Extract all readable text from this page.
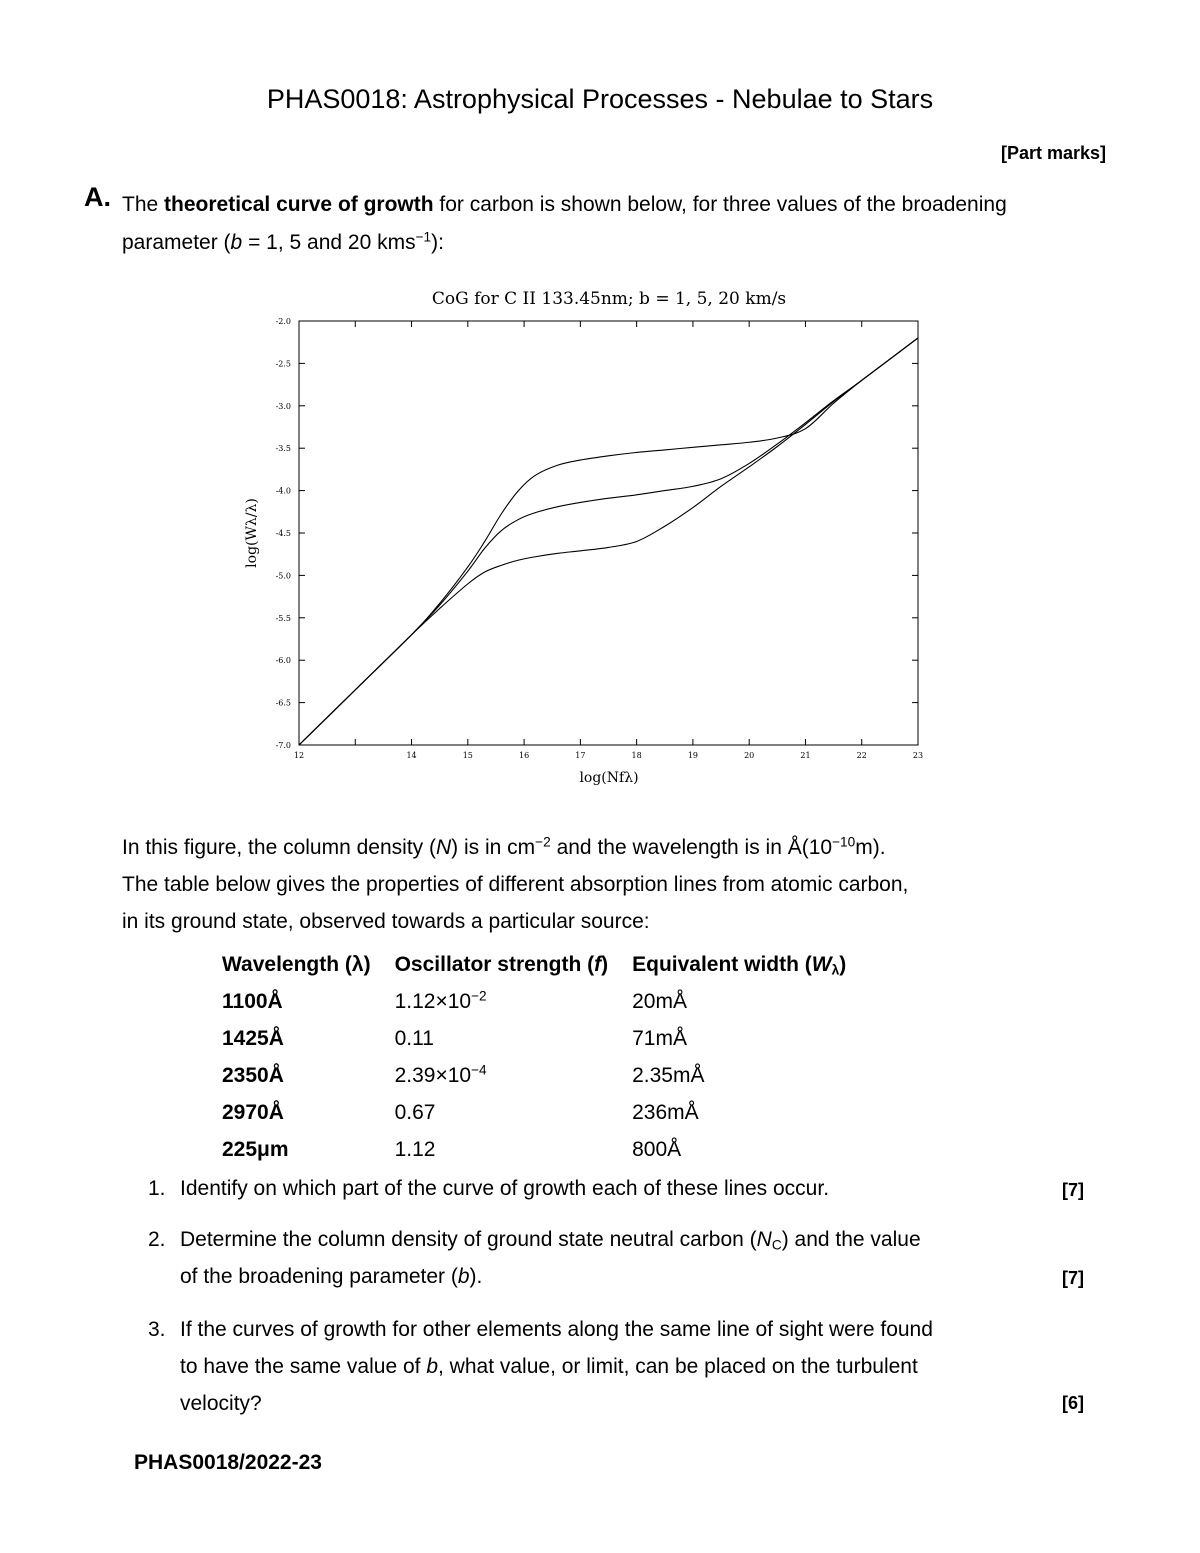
PHAS0018: Astrophysical Processes - Nebulae to Stars
[Part marks]
A. The theoretical curve of growth for carbon is shown below, for three values of the broadening parameter (b = 1, 5 and 20 kms$^{-1}$):
CoG for C II 133.45nm; b = 1, 5, 20 km/s
12	14	15	16	17	18	19	20	21	22	23
-2.0
-2.5
-3.0
-3.5
-4.0
-4.5
-5.0
-5.5
-6.0
-6.5
-7.0
log(Nfλ)
log(Wλ/λ)
In this figure, the column density (N) is in $cm^{-2}$ and the wavelength is in $Å(10^{-10}m)$.
The table below gives the properties of different absorption lines from atomic carbon,
in its ground state, observed towards a particular source:
Wavelength (λ)	Oscillator strength (f)	Equivalent width $(W_\lambda)$
1100Å	$1.12\times 10^{-2}$	20mÅ
1425Å	0.11	71mÅ
2350Å	$2.39\times 10^{-4}$	2.35mÅ
2970Å	0.67	236mÅ
225μm	1.12	800Å
1. Identify on which part of the curve of growth each of these lines occur.	[7]
2. Determine the column density of ground state neutral carbon $(N_C)$ and the value
of the broadening parameter (b).	[7]
3. If the curves of growth for other elements along the same line of sight were found
to have the same value of b, what value, or limit, can be placed on the turbulent
velocity?	[6]
PHAS0018/2022-23
